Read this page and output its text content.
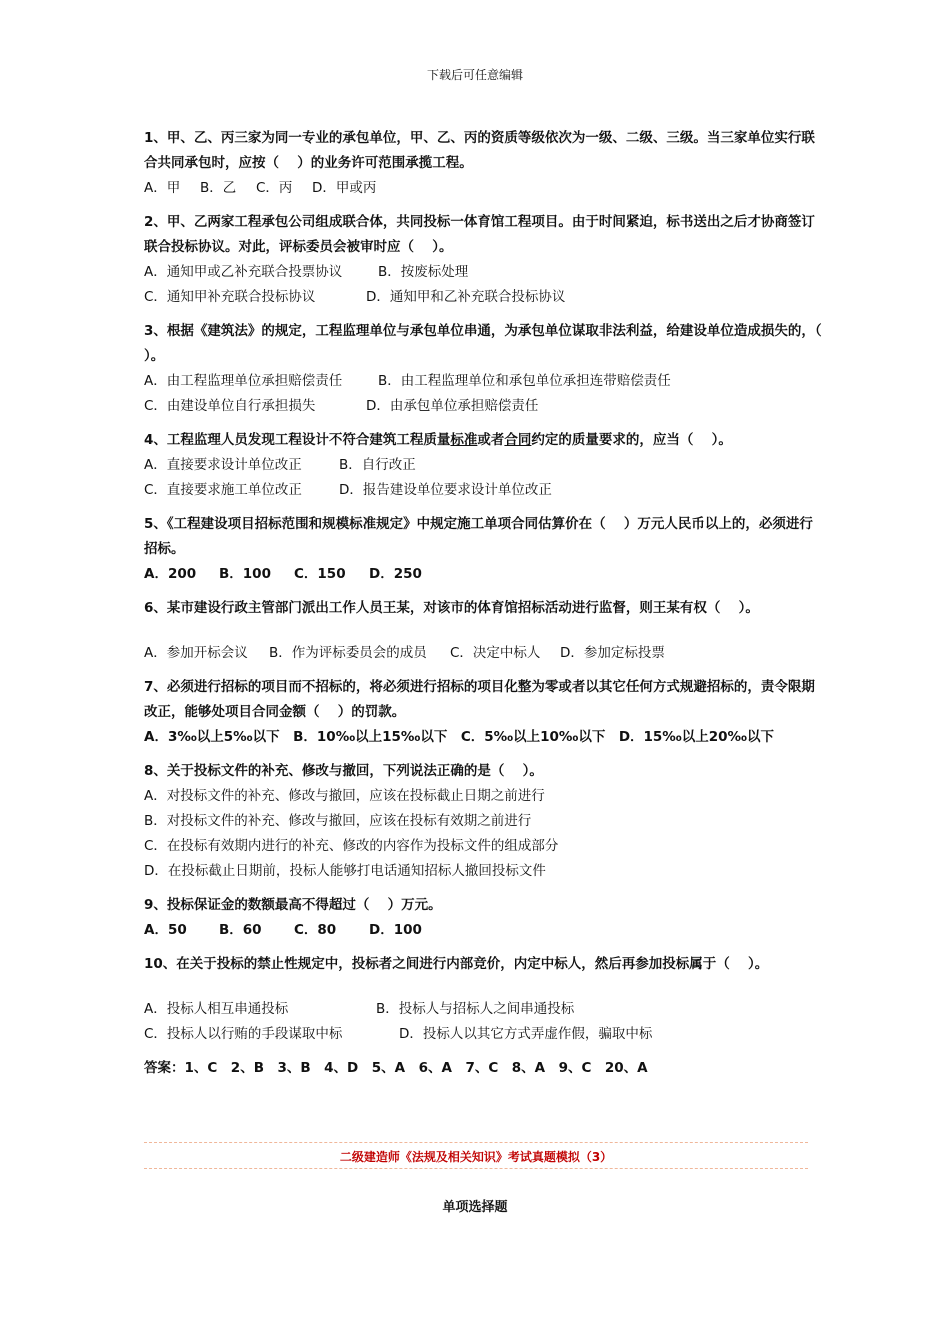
下载后可任意编辑
1、甲、乙、丙三家为同一专业的承包单位，甲、乙、丙的资质等级依次为一级、二级、三级。当三家单位实行联合共同承包时，应按（　 ）的业务许可范围承揽工程。
A．甲 B．乙 C．丙 D．甲或丙
2、甲、乙两家工程承包公司组成联合体，共同投标一体育馆工程项目。由于时间紧迫，标书送出之后才协商签订联合投标协议。对此，评标委员会被审时应（　 ）。
A．通知甲或乙补充联合投票协议	B．按废标处理
C．通知甲补充联合投标协议	D．通知甲和乙补充联合投标协议
3、根据《建筑法》的规定，工程监理单位与承包单位串通，为承包单位谋取非法利益，给建设单位造成损失的，（　 ）。
A．由工程监理单位承担赔偿责任	B．由工程监理单位和承包单位承担连带赔偿责任
C．由建设单位自行承担损失	D．由承包单位承担赔偿责任
4、工程监理人员发现工程设计不符合建筑工程质量标准或者合同约定的质量要求的，应当（　 ）。
A．直接要求设计单位改正	B．自行改正
C．直接要求施工单位改正	D．报告建设单位要求设计单位改正
5、《工程建设项目招标范围和规模标准规定》中规定施工单项合同估算价在（　 ）万元人民币以上的，必须进行招标。
A．200 B．100 C．150 D．250
6、某市建设行政主管部门派出工作人员王某，对该市的体育馆招标活动进行监督，则王某有权（　 ）。
A．参加开标会议 B．作为评标委员会的成员 C．决定中标人 D．参加定标投票
7、必须进行招标的项目而不招标的，将必须进行招标的项目化整为零或者以其它任何方式规避招标的，责令限期改正，能够处项目合同金额（　 ）的罚款。
A．3‰以上5‰以下　B．10‰以上15‰以下　C．5‰以上10‰以下　D．15‰以上20‰以下
8、关于投标文件的补充、修改与撤回，下列说法正确的是（　 ）。
A．对投标文件的补充、修改与撤回，应该在投标截止日期之前进行
B．对投标文件的补充、修改与撤回，应该在投标有效期之前进行
C．在投标有效期内进行的补充、修改的内容作为投标文件的组成部分
D．在投标截止日期前，投标人能够打电话通知招标人撤回投标文件
9、投标保证金的数额最高不得超过（　 ）万元。
A．50 B．60 C．80 D．100
10、在关于投标的禁止性规定中，投标者之间进行内部竞价，内定中标人，然后再参加投标属于（　 ）。
A．投标人相互串通投标	B．投标人与招标人之间串通投标
C．投标人以行贿的手段谋取中标	D．投标人以其它方式弄虚作假，骗取中标
答案：1、C　2、B　3、B　4、D　5、A　6、A　7、C　8、A　9、C　20、A
二级建造师《法规及相关知识》考试真题模拟（3）
单项选择题
